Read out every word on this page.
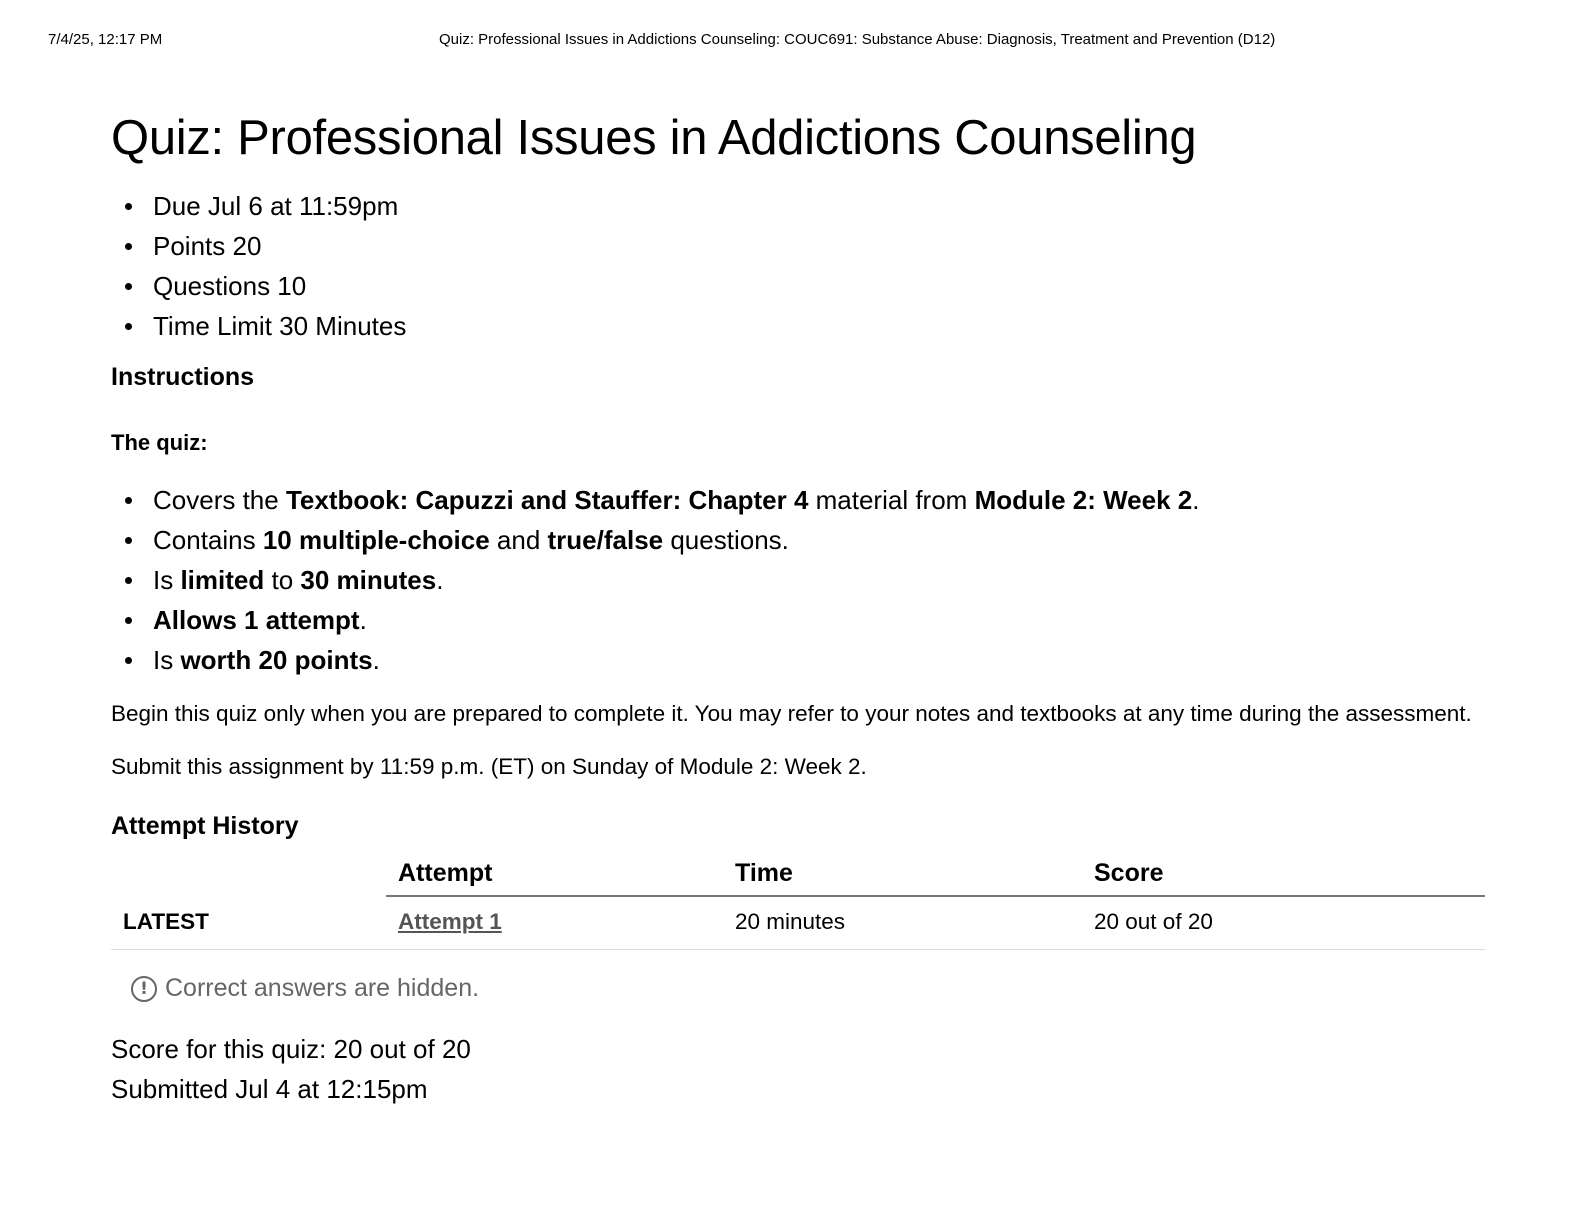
7/4/25, 12:17 PM	Quiz: Professional Issues in Addictions Counseling: COUC691: Substance Abuse: Diagnosis, Treatment and Prevention (D12)
Quiz: Professional Issues in Addictions Counseling
Due Jul 6 at 11:59pm
Points 20
Questions 10
Time Limit 30 Minutes
Instructions
The quiz:
Covers the Textbook: Capuzzi and Stauffer: Chapter 4 material from Module 2: Week 2.
Contains 10 multiple-choice and true/false questions.
Is limited to 30 minutes.
Allows 1 attempt.
Is worth 20 points.

Begin this quiz only when you are prepared to complete it. You may refer to your notes and textbooks at any time during the assessment.

Submit this assignment by 11:59 p.m. (ET) on Sunday of Module 2: Week 2.

Attempt History
	Attempt	Time	Score
LATEST	Attempt 1	20 minutes	20 out of 20
! Correct answers are hidden.
Score for this quiz: 20 out of 20
Submitted Jul 4 at 12:15pm
